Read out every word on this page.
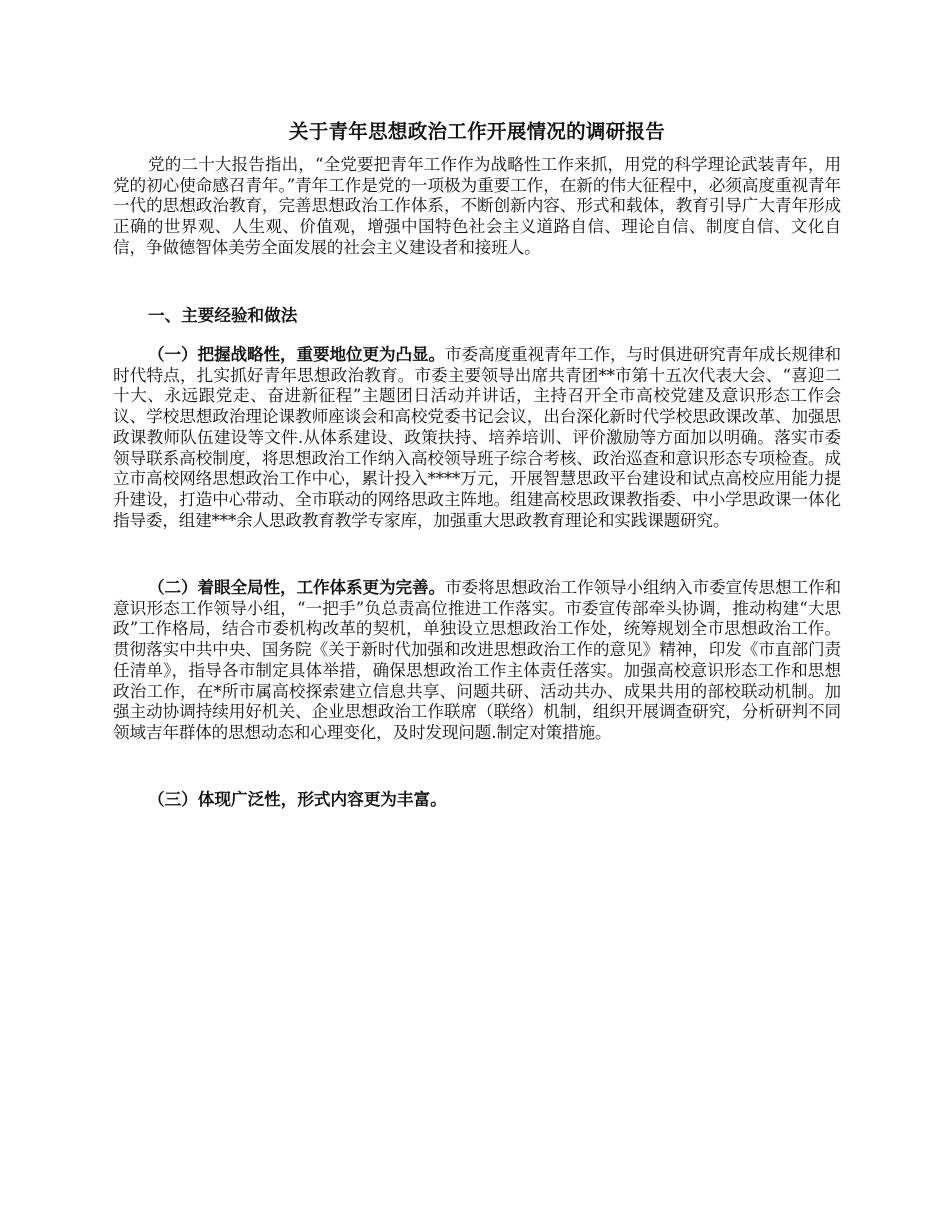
关于青年思想政治工作开展情况的调研报告

党的二十大报告指出，“全党要把青年工作作为战略性工作来抓，用党的科学理论武装青年，用党的初心使命感召青年。”青年工作是党的一项极为重要工作，在新的伟大征程中，必须高度重视青年一代的思想政治教育，完善思想政治工作体系，不断创新内容、形式和载体，教育引导广大青年形成正确的世界观、人生观、价值观，增强中国特色社会主义道路自信、理论自信、制度自信、文化自信，争做德智体美劳全面发展的社会主义建设者和接班人。

一、主要经验和做法

（一）把握战略性，重要地位更为凸显。市委高度重视青年工作，与时俱进研究青年成长规律和时代特点，扎实抓好青年思想政治教育。市委主要领导出席共青团**市第十五次代表大会、“喜迎二十大、永远跟党走、奋进新征程”主题团日活动并讲话，主持召开全市高校党建及意识形态工作会议、学校思想政治理论课教师座谈会和高校党委书记会议，出台深化新时代学校思政课改革、加强思政课教师队伍建设等文件.从体系建设、政策扶持、培养培训、评价激励等方面加以明确。落实市委领导联系高校制度，将思想政治工作纳入高校领导班子综合考核、政治巡查和意识形态专项检查。成立市高校网络思想政治工作中心，累计投入****万元，开展智慧思政平台建设和试点高校应用能力提升建设，打造中心带动、全市联动的网络思政主阵地。组建高校思政课教指委、中小学思政课一体化指导委，组建***余人思政教育教学专家库，加强重大思政教育理论和实践课题研究。

（二）着眼全局性，工作体系更为完善。市委将思想政治工作领导小组纳入市委宣传思想工作和意识形态工作领导小组，“一把手”负总责高位推进工作落实。市委宣传部牵头协调，推动构建“大思政”工作格局，结合市委机构改革的契机，单独设立思想政治工作处，统筹规划全市思想政治工作。贯彻落实中共中央、国务院《关于新时代加强和改进思想政治工作的意见》精神，印发《市直部门责任清单》，指导各市制定具体举措，确保思想政治工作主体责任落实。加强高校意识形态工作和思想政治工作，在*所市属高校探索建立信息共享、问题共研、活动共办、成果共用的部校联动机制。加强主动协调持续用好机关、企业思想政治工作联席（联络）机制，组织开展调查研究，分析研判不同领域吉年群体的思想动态和心理变化，及时发现问题.制定对策措施。

（三）体现广泛性，形式内容更为丰富。
